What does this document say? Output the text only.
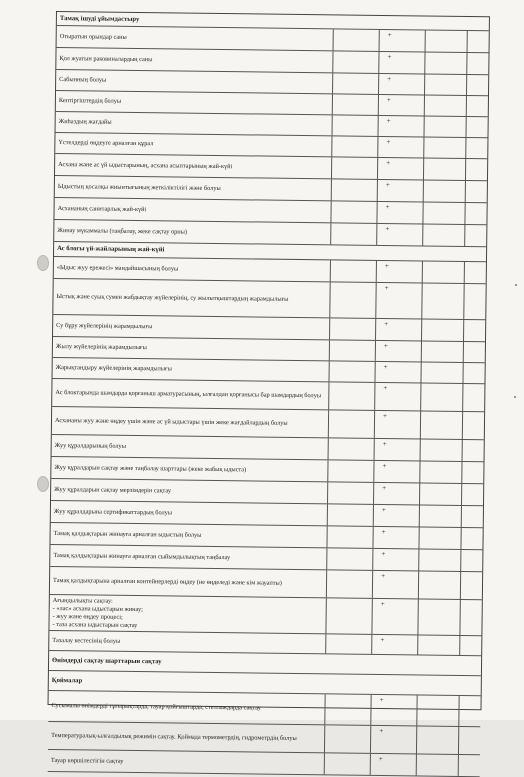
Тамақ ішуді ұйымдастыру
Отыратын орындар саны	+
Қол жуатын раковиналардың саны	+
Сабынның болуы	+
Кептіргіштердің болуы	+
Жиһаздың жағдайы	+
Үстелдерді өңдеуге арналған құрал	+
Асхана және ас үй ыдыстарының, асхана асыптарының жай-күйі	+
Ыдыстың қосалқы жиынтығының жеткіліктілігі және болуы	+
Асхананың санитарлық жай-күйі	+
Жинау мүкаммалы (таңбалау, жеке сақтау орны)	+
Ас блогы үй-жайларының жай-күйі
«Ыдыс жуу ережесі» мандайшасының болуы	+
Ыстық және суық сумен жабдықтау жүйелерінің, су жылытқыштардың жарамдылығы
+
Су бұру жүйелерінің жарамдылығы	+
Жылу жүйелерінің жарамдылығы	+
Жарықтандыру жүйелерінің жарамдылығы	+
Ас блоктарында шамдарда қорғаныш арматурасының, ылғалдан қорғанысы бар шамдардың болуы
+
Асхананы жуу және өңдеу үшін және ас үй ыдыстары үшін жеке жағдайлардың болуы
+
Жуу құралдарының болуы	+
Жуу құралдарын сақтау және таңбалау шарттары (жеке жабық ыдыста)	+
Жуу құралдарын сақтау мерзімдерін сақтау	+
Жуу құралдарына сертификаттардың болуы	+
Тамақ қалдықтарын жинауға арналған ыдыстың болуы	+
Тамақ қалдықтарын жинауға арналған сыйымдылықтың таңбалау	+
Тамақ қалдықтарына арналған контейнерлерді өңдеу (не өңделеді және кім жауапты)
+
Ағындылықты сақтау:
- «лас» асхана ыдыстарын жинау;
- жуу және өңдеу процесі;
- таза асхана ыдыстарын сақтау
+
Тазалау кестесінің болуы	+
Өнімдерді сақтау шарттарын сақтау
Қоймалар
Сусымалы өнімдерді тұғырықтарда, тауар қойғыштарда, стеллаждарда сақтау
+
Температуралық-ылғалдылық режимін сақтау. Қоймада термометрдің, гидрометрдің болуы
+
Тауар көршілестігін сақтау	+
